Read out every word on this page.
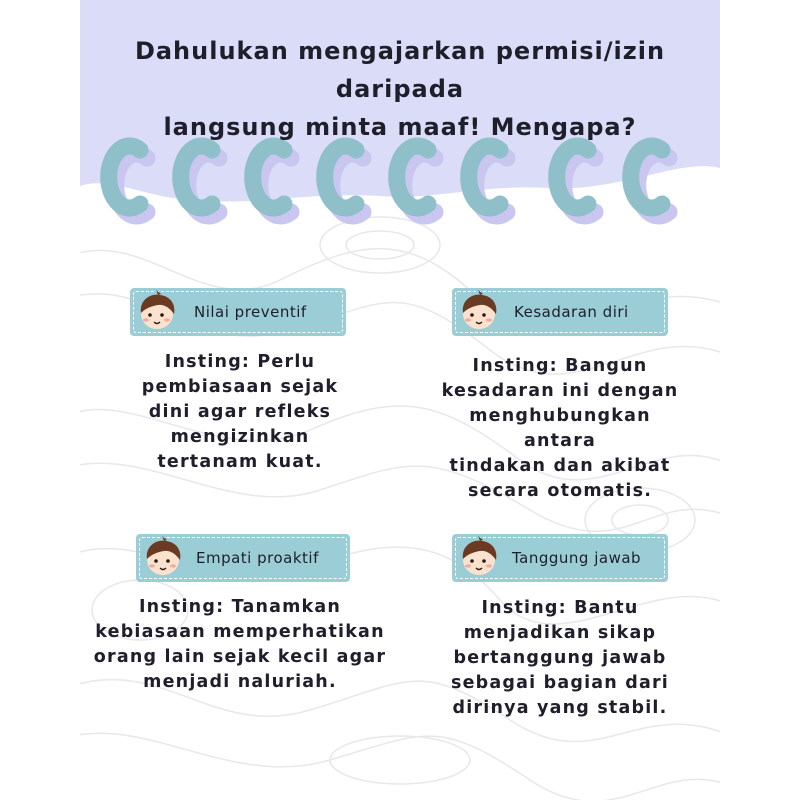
Dahulukan mengajarkan permisi/izin daripada
langsung minta maaf! Mengapa?
Nilai preventif
Insting: Perlu
pembiasaan sejak
dini agar refleks
mengizinkan
tertanam kuat.
Kesadaran diri
Insting: Bangun
kesadaran ini dengan
menghubungkan antara
tindakan dan akibat
secara otomatis.
Empati proaktif
Insting: Tanamkan
kebiasaan memperhatikan
orang lain sejak kecil agar
menjadi naluriah.
Tanggung jawab
Insting: Bantu
menjadikan sikap
bertanggung jawab
sebagai bagian dari
dirinya yang stabil.
